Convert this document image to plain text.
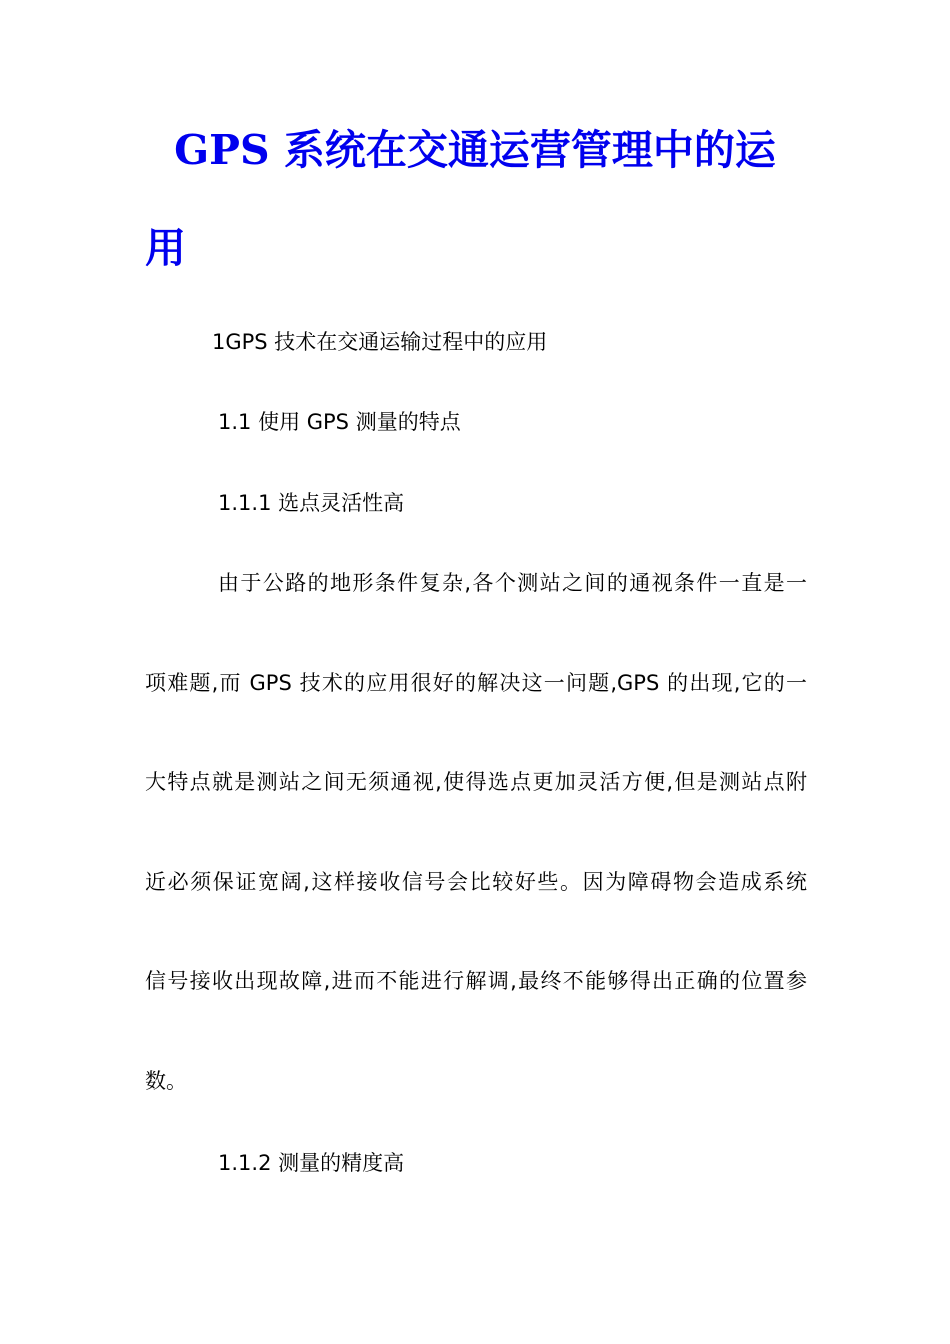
GPS 系统在交通运营管理中的运
用

1GPS 技术在交通运输过程中的应用

1.1 使用 GPS 测量的特点

1.1.1 选点灵活性高

由于公路的地形条件复杂,各个测站之间的通视条件一直是一
项难题,而 GPS 技术的应用很好的解决这一问题,GPS 的出现,它的一
大特点就是测站之间无须通视,使得选点更加灵活方便,但是测站点附
近必须保证宽阔,这样接收信号会比较好些。因为障碍物会造成系统
信号接收出现故障,进而不能进行解调,最终不能够得出正确的位置参
数。

1.1.2 测量的精度高
